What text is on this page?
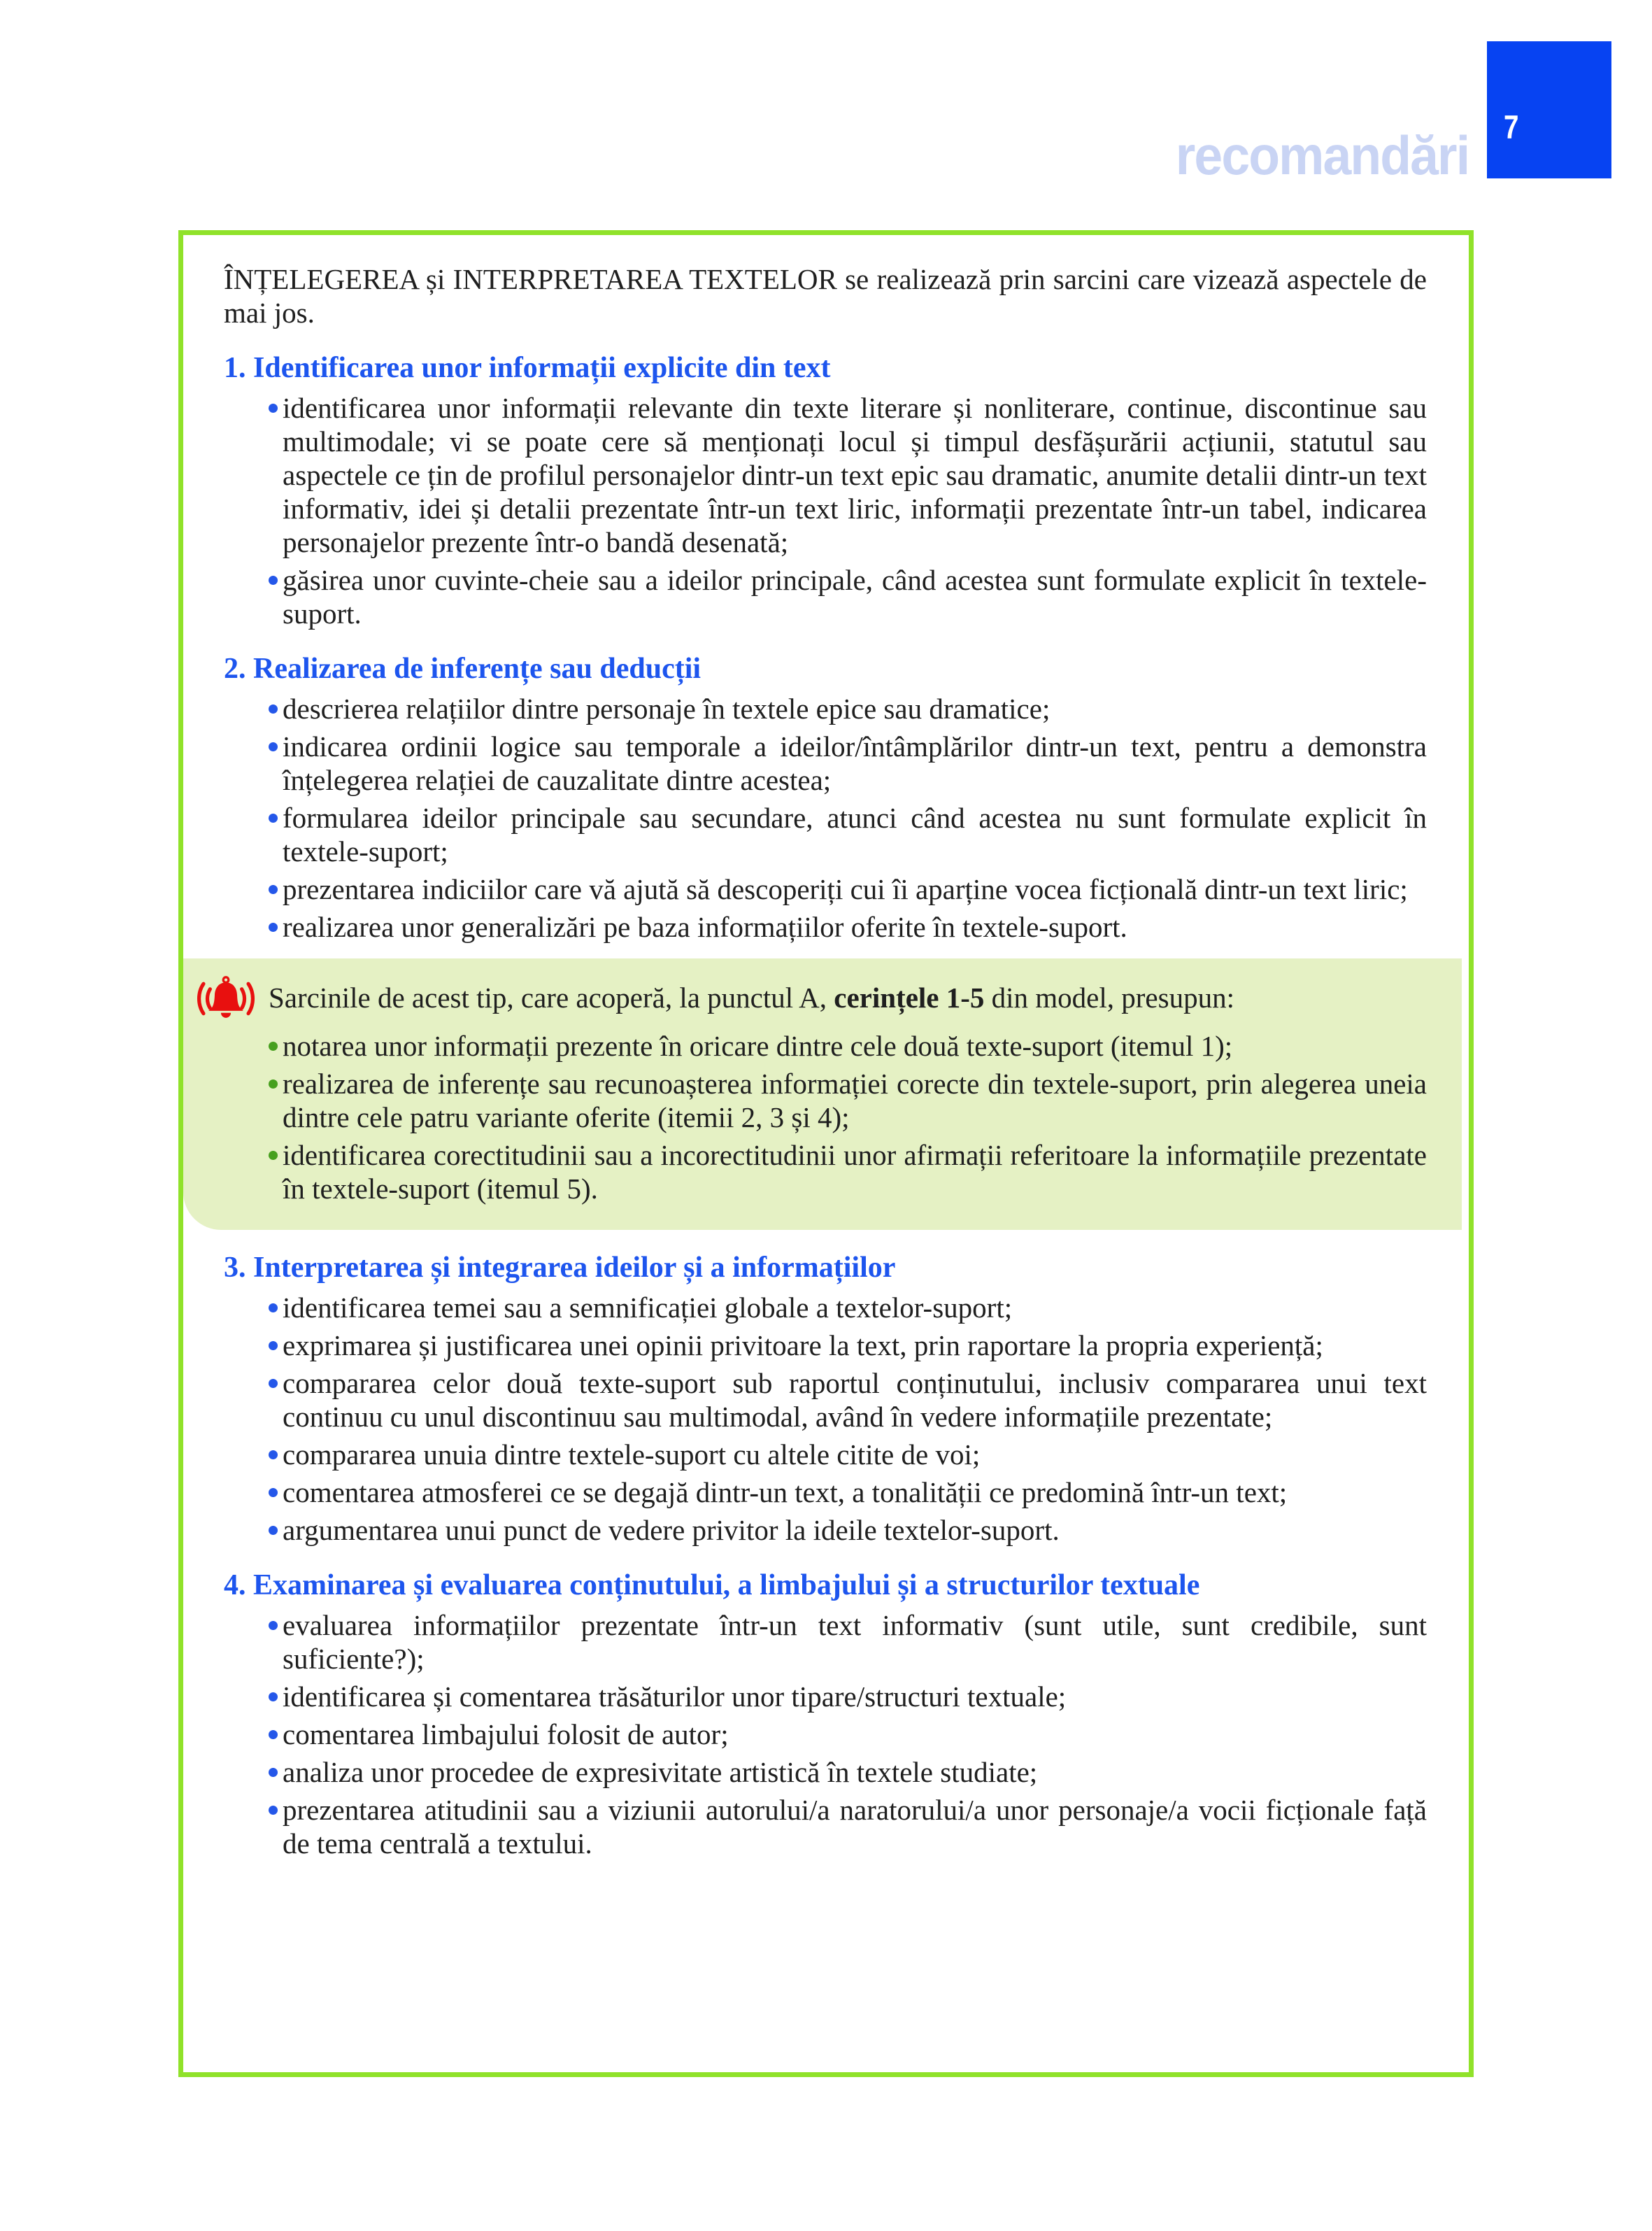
recomandări 7

ÎNȚELEGEREA și INTERPRETAREA TEXTELOR se realizează prin sarcini care vizează aspectele de mai jos.

1. Identificarea unor informații explicite din text
identificarea unor informații relevante din texte literare și nonliterare, continue, discontinue sau multimodale; vi se poate cere să menționați locul și timpul desfășurării acțiunii, statutul sau aspectele ce țin de profilul personajelor dintr-un text epic sau dramatic, anumite detalii dintr-un text informativ, idei și detalii prezentate într-un text liric, informații prezentate într-un tabel, indicarea personajelor prezente într-o bandă desenată;
găsirea unor cuvinte-cheie sau a ideilor principale, când acestea sunt formulate explicit în textele-suport.
2. Realizarea de inferențe sau deducții
descrierea relațiilor dintre personaje în textele epice sau dramatice;
indicarea ordinii logice sau temporale a ideilor/întâmplărilor dintr-un text, pentru a demonstra înțelegerea relației de cauzalitate dintre acestea;
formularea ideilor principale sau secundare, atunci când acestea nu sunt formulate explicit în textele-suport;
prezentarea indiciilor care vă ajută să descoperiți cui îi aparține vocea ficțională dintr-un text liric;
realizarea unor generalizări pe baza informațiilor oferite în textele-suport.

Sarcinile de acest tip, care acoperă, la punctul A, cerințele 1-5 din model, presupun:

notarea unor informații prezente în oricare dintre cele două texte-suport (itemul 1);
realizarea de inferențe sau recunoașterea informației corecte din textele-suport, prin alegerea uneia dintre cele patru variante oferite (itemii 2, 3 și 4);
identificarea corectitudinii sau a incorectitudinii unor afirmații referitoare la informațiile prezentate în textele-suport (itemul 5).
3. Interpretarea și integrarea ideilor și a informațiilor
identificarea temei sau a semnificației globale a textelor-suport;
exprimarea și justificarea unei opinii privitoare la text, prin raportare la propria experiență;
compararea celor două texte-suport sub raportul conținutului, inclusiv compararea unui text continuu cu unul discontinuu sau multimodal, având în vedere informațiile prezentate;
compararea unuia dintre textele-suport cu altele citite de voi;
comentarea atmosferei ce se degajă dintr-un text, a tonalității ce predomină într-un text;
argumentarea unui punct de vedere privitor la ideile textelor-suport.
4. Examinarea și evaluarea conținutului, a limbajului și a structurilor textuale
evaluarea informațiilor prezentate într-un text informativ (sunt utile, sunt credibile, sunt suficiente?);
identificarea și comentarea trăsăturilor unor tipare/structuri textuale;
comentarea limbajului folosit de autor;
analiza unor procedee de expresivitate artistică în textele studiate;
prezentarea atitudinii sau a viziunii autorului/a naratorului/a unor personaje/a vocii ficționale față de tema centrală a textului.
